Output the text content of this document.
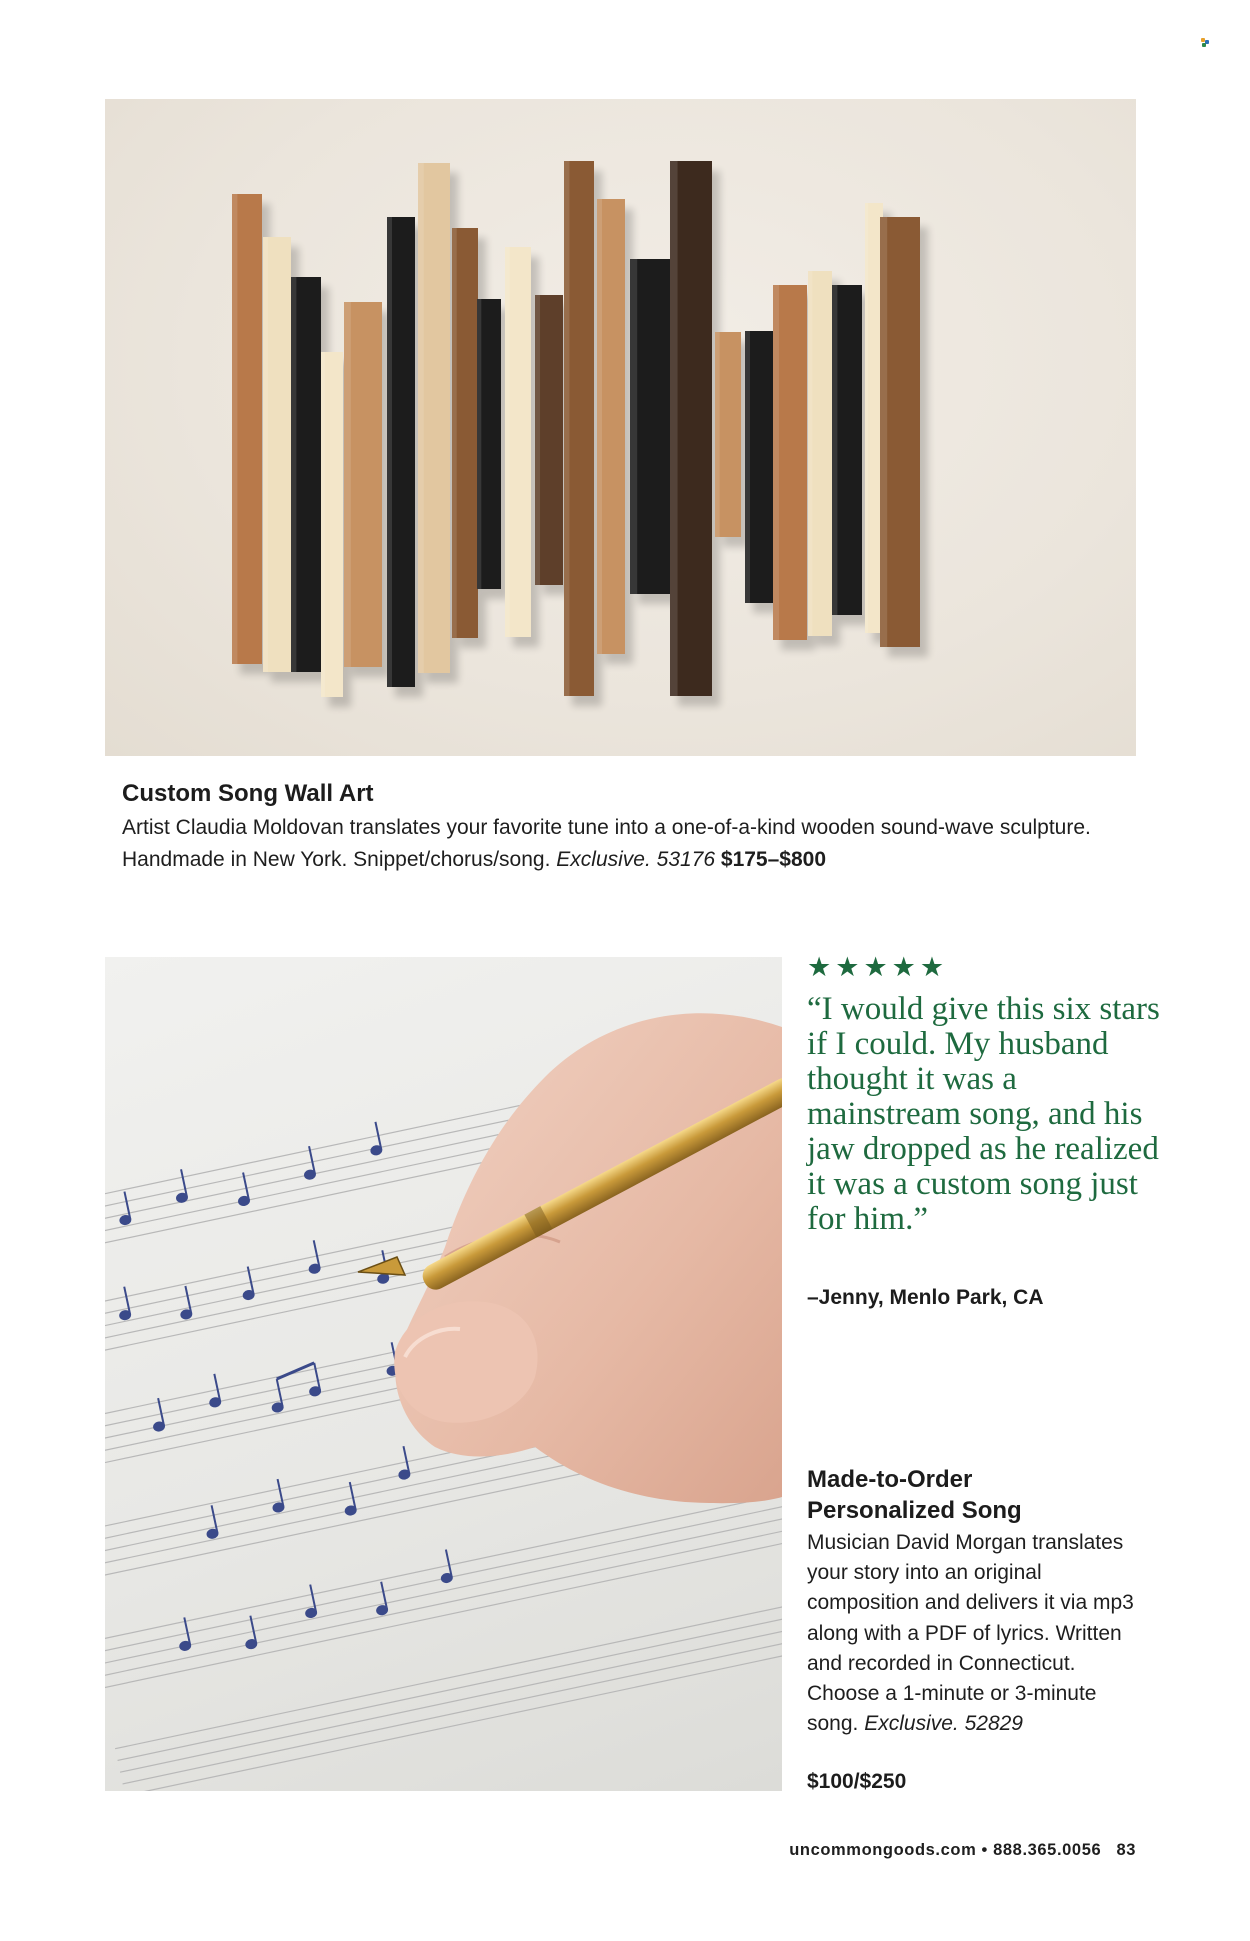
Custom Song Wall Art
Artist Claudia Moldovan translates your favorite tune into a one-of-a-kind wooden sound-wave sculpture. Handmade in New York. Snippet/chorus/song. Exclusive. 53176 $175–$800
★ ★ ★ ★ ★
“I would give this six stars if I could. My husband thought it was a mainstream song, and his jaw dropped as he realized it was a custom song just for him.”
–Jenny, Menlo Park, CA
Made-to-Order Personalized Song
Musician David Morgan translates your story into an original composition and delivers it via mp3 along with a PDF of lyrics. Written and recorded in Connecticut. Choose a 1-minute or 3-minute song. Exclusive. 52829
$100/$250
uncommongoods.com • 888.365.0056 83
